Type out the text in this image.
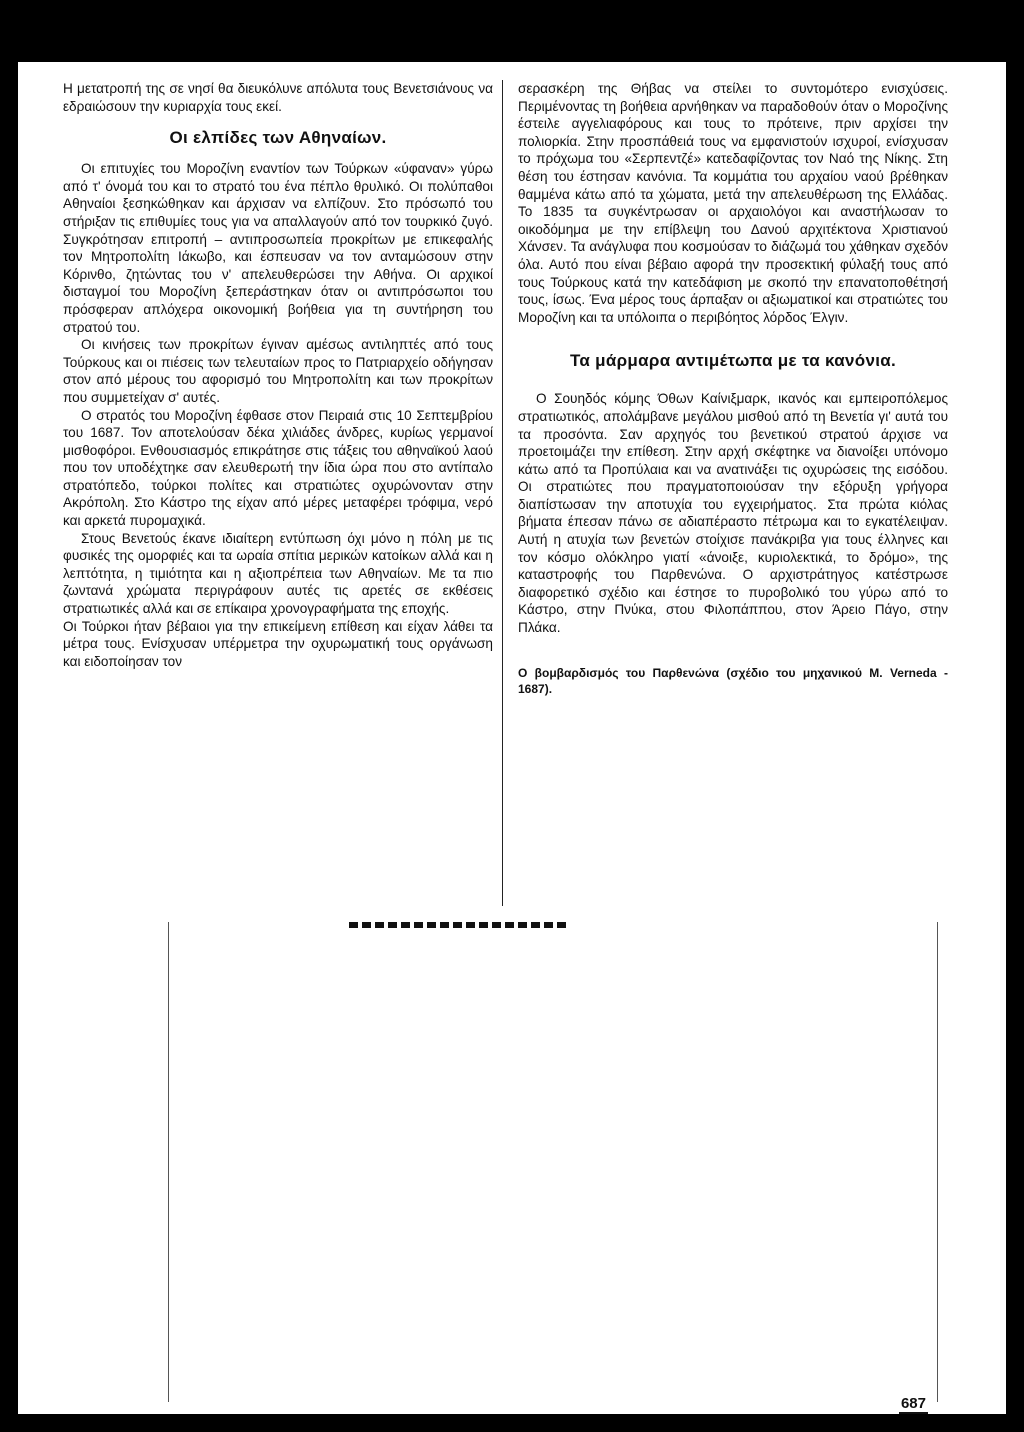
Η μετατροπή της σε νησί θα διευκόλυνε απόλυτα τους Βενετσιάνους να εδραιώσουν την κυριαρχία τους εκεί.

Οι ελπίδες των Αθηναίων.

Οι επιτυχίες του Μοροζίνη εναντίον των Τούρκων «ύφαναν» γύρω από τ' όνομά του και το στρατό του ένα πέπλο θρυλικό. Οι πολύπαθοι Αθηναίοι ξεσηκώθηκαν και άρχισαν να ελπίζουν. Στο πρόσωπό του στήριξαν τις επιθυμίες τους για να απαλλαγούν από τον τουρκικό ζυγό. Συγκρότησαν επιτροπή – αντιπροσωπεία προκρίτων με επικεφαλής τον Μητροπολίτη Ιάκωβο, και έσπευσαν να τον ανταμώσουν στην Κόρινθο, ζητώντας του ν' απελευθερώσει την Αθήνα. Οι αρχικοί δισταγμοί του Μοροζίνη ξεπεράστηκαν όταν οι αντιπρόσωποι του πρόσφεραν απλόχερα οικονομική βοήθεια για τη συντήρηση του στρατού του.

Οι κινήσεις των προκρίτων έγιναν αμέσως αντιληπτές από τους Τούρκους και οι πιέσεις των τελευταίων προς το Πατριαρχείο οδήγησαν στον από μέρους του αφορισμό του Μητροπολίτη και των προκρίτων που συμμετείχαν σ' αυτές.

Ο στρατός του Μοροζίνη έφθασε στον Πειραιά στις 10 Σεπτεμβρίου του 1687. Τον αποτελούσαν δέκα χιλιάδες άνδρες, κυρίως γερμανοί μισθοφόροι. Ενθουσιασμός επικράτησε στις τάξεις του αθηναϊκού λαού που τον υποδέχτηκε σαν ελευθερωτή την ίδια ώρα που στο αντίπαλο στρατόπεδο, τούρκοι πολίτες και στρατιώτες οχυρώνονταν στην Ακρόπολη. Στο Κάστρο της είχαν από μέρες μεταφέρει τρόφιμα, νερό και αρκετά πυρομαχικά.

Στους Βενετούς έκανε ιδιαίτερη εντύπωση όχι μόνο η πόλη με τις φυσικές της ομορφιές και τα ωραία σπίτια μερικών κατοίκων αλλά και η λεπτότητα, η τιμιότητα και η αξιοπρέπεια των Αθηναίων. Με τα πιο ζωντανά χρώματα περιγράφουν αυτές τις αρετές σε εκθέσεις στρατιωτικές αλλά και σε επίκαιρα χρονογραφήματα της εποχής.

Οι Τούρκοι ήταν βέβαιοι για την επικείμενη επίθεση και είχαν λάθει τα μέτρα τους. Ενίσχυσαν υπέρμετρα την οχυρωματική τους οργάνωση και ειδοποίησαν τον

σερασκέρη της Θήβας να στείλει το συντομότερο ενισχύσεις. Περιμένοντας τη βοήθεια αρνήθηκαν να παραδοθούν όταν ο Μοροζίνης έστειλε αγγελιαφόρους και τους το πρότεινε, πριν αρχίσει την πολιορκία. Στην προσπάθειά τους να εμφανιστούν ισχυροί, ενίσχυσαν το πρόχωμα του «Σερπεντζέ» κατεδαφίζοντας τον Ναό της Νίκης. Στη θέση του έστησαν κανόνια. Τα κομμάτια του αρχαίου ναού βρέθηκαν θαμμένα κάτω από τα χώματα, μετά την απελευθέρωση της Ελλάδας. Το 1835 τα συγκέντρωσαν οι αρχαιολόγοι και αναστήλωσαν το οικοδόμημα με την επίβλεψη του Δανού αρχιτέκτονα Χριστιανού Χάνσεν. Τα ανάγλυφα που κοσμούσαν το διάζωμά του χάθηκαν σχεδόν όλα. Αυτό που είναι βέβαιο αφορά την προσεκτική φύλαξή τους από τους Τούρκους κατά την κατεδάφιση με σκοπό την επανατοποθέτησή τους, ίσως. Ένα μέρος τους άρπαξαν οι αξιωματικοί και στρατιώτες του Μοροζίνη και τα υπόλοιπα ο περιβόητος λόρδος Έλγιν.

Τα μάρμαρα αντιμέτωπα με τα κανόνια.

Ο Σουηδός κόμης Όθων Καίνιξμαρκ, ικανός και εμπειροπόλεμος στρατιωτικός, απολάμβανε μεγάλου μισθού από τη Βενετία γι' αυτά του τα προσόντα. Σαν αρχηγός του βενετικού στρατού άρχισε να προετοιμάζει την επίθεση. Στην αρχή σκέφτηκε να διανοίξει υπόνομο κάτω από τα Προπύλαια και να ανατινάξει τις οχυρώσεις της εισόδου. Οι στρατιώτες που πραγματοποιούσαν την εξόρυξη γρήγορα διαπίστωσαν την αποτυχία του εγχειρήματος. Στα πρώτα κιόλας βήματα έπεσαν πάνω σε αδιαπέραστο πέτρωμα και το εγκατέλειψαν. Αυτή η ατυχία των βενετών στοίχισε πανάκριβα για τους έλληνες και τον κόσμο ολόκληρο γιατί «άνοιξε, κυριολεκτικά, το δρόμο», της καταστροφής του Παρθενώνα. Ο αρχιστράτηγος κατέστρωσε διαφορετικό σχέδιο και έστησε το πυροβολικό του γύρω από το Κάστρο, στην Πνύκα, στου Φιλοπάππου, στον Άρειο Πάγο, στην Πλάκα.

Ο βομβαρδισμός του Παρθενώνα (σχέδιο του μηχανικού M. Verneda - 1687).
687
